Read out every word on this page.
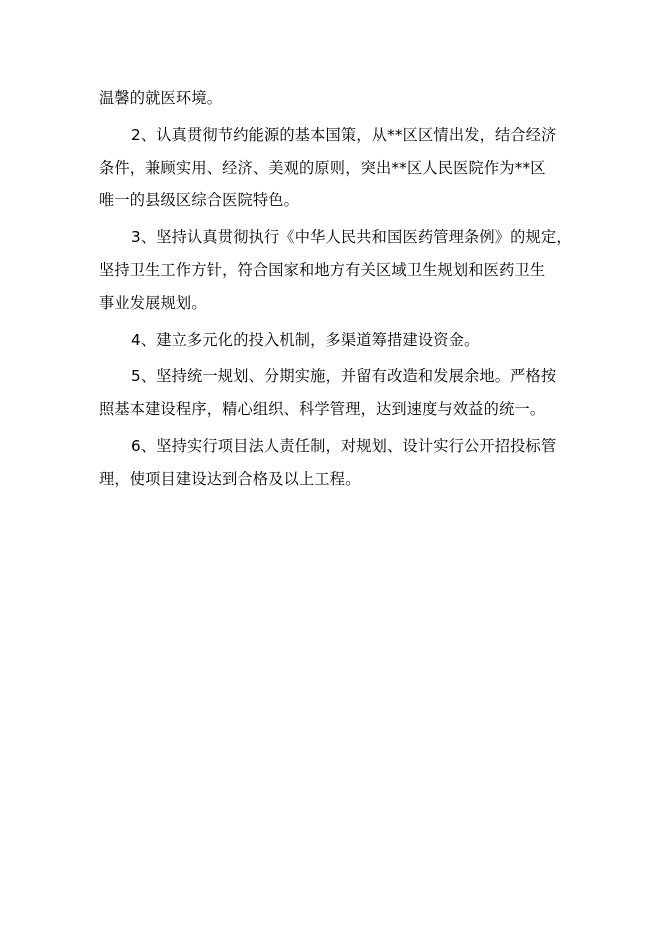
温馨的就医环境。
2、认真贯彻节约能源的基本国策，从**区区情出发，结合经济
条件，兼顾实用、经济、美观的原则，突出**区人民医院作为**区
唯一的县级区综合医院特色。
3、坚持认真贯彻执行《中华人民共和国医药管理条例》的规定，
坚持卫生工作方针，符合国家和地方有关区域卫生规划和医药卫生
事业发展规划。
4、建立多元化的投入机制，多渠道筹措建设资金。
5、坚持统一规划、分期实施，并留有改造和发展余地。严格按
照基本建设程序，精心组织、科学管理，达到速度与效益的统一。
6、坚持实行项目法人责任制，对规划、设计实行公开招投标管
理，使项目建设达到合格及以上工程。
